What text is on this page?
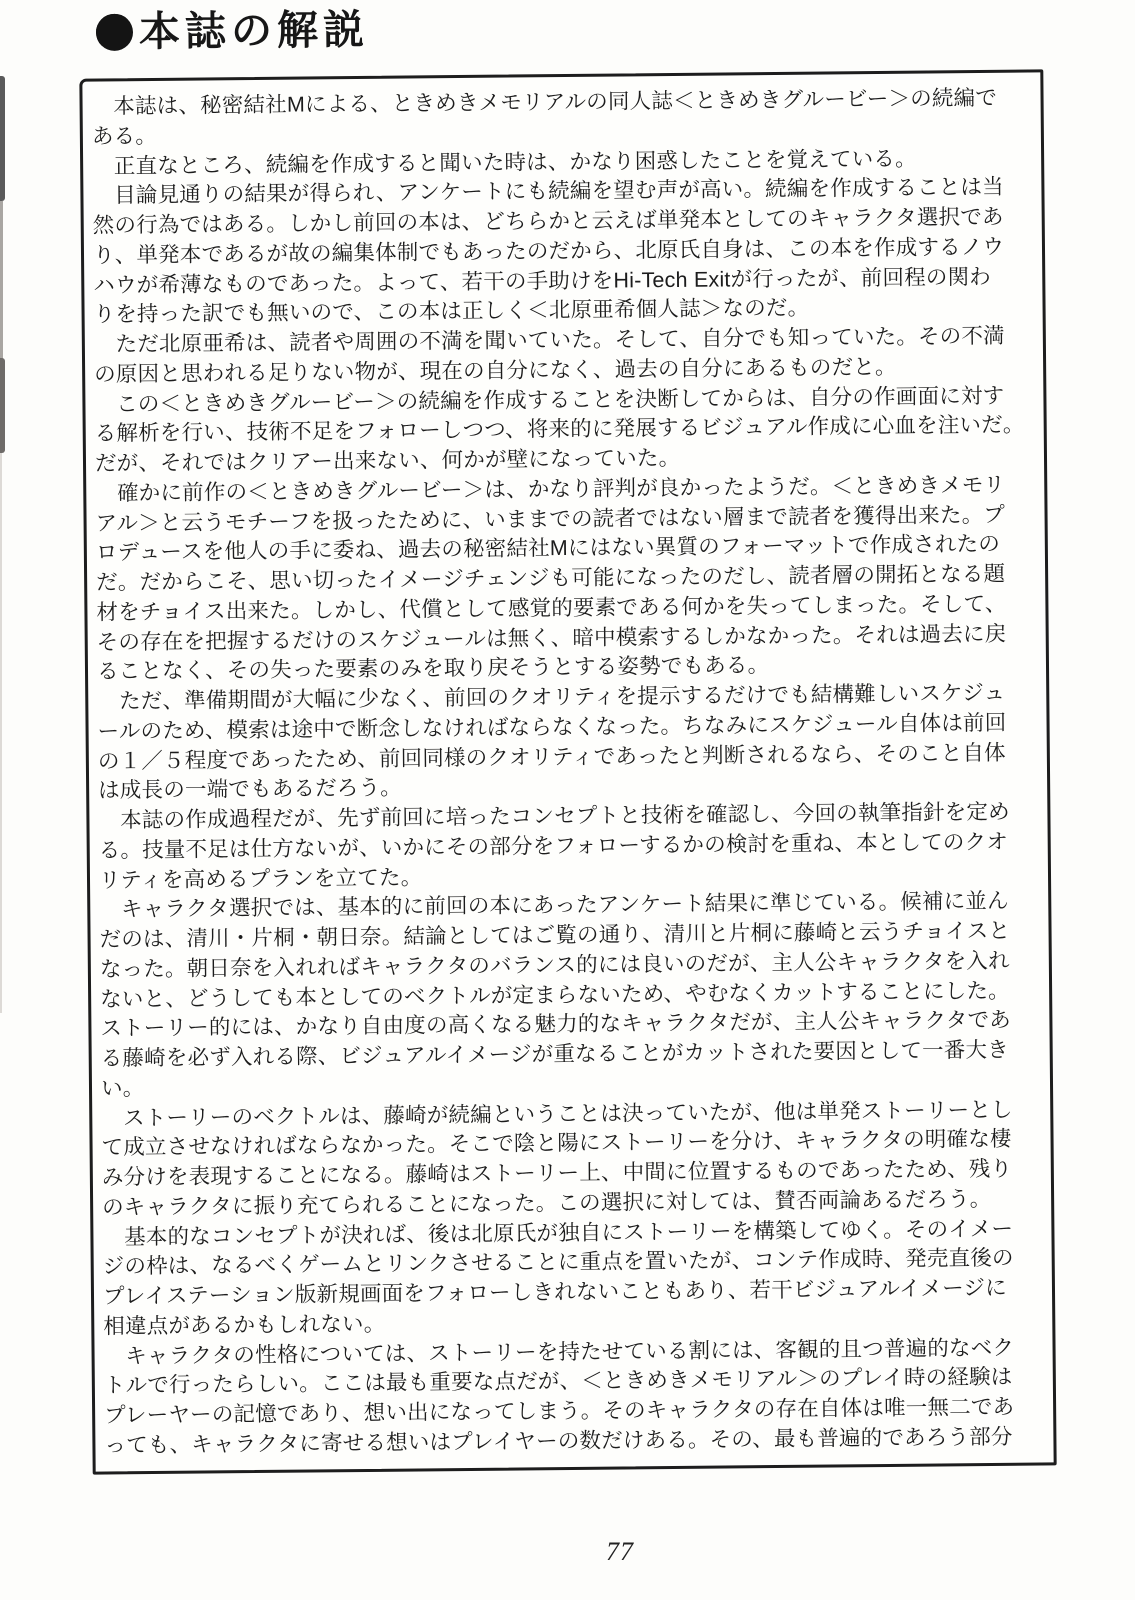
本誌の解説
　本誌は、秘密結社Mによる、ときめきメモリアルの同人誌＜ときめきグルービー＞の続編で
ある。
　正直なところ、続編を作成すると聞いた時は、かなり困惑したことを覚えている。
　目論見通りの結果が得られ、アンケートにも続編を望む声が高い。続編を作成することは当
然の行為ではある。しかし前回の本は、どちらかと云えば単発本としてのキャラクタ選択であ
り、単発本であるが故の編集体制でもあったのだから、北原氏自身は、この本を作成するノウ
ハウが希薄なものであった。よって、若干の手助けをHi-Tech Exitが行ったが、前回程の関わ
りを持った訳でも無いので、この本は正しく＜北原亜希個人誌＞なのだ。
　ただ北原亜希は、読者や周囲の不満を聞いていた。そして、自分でも知っていた。その不満
の原因と思われる足りない物が、現在の自分になく、過去の自分にあるものだと。
　この＜ときめきグルービー＞の続編を作成することを決断してからは、自分の作画面に対す
る解析を行い、技術不足をフォローしつつ、将来的に発展するビジュアル作成に心血を注いだ。
だが、それではクリアー出来ない、何かが壁になっていた。
　確かに前作の＜ときめきグルービー＞は、かなり評判が良かったようだ。＜ときめきメモリ
アル＞と云うモチーフを扱ったために、いままでの読者ではない層まで読者を獲得出来た。プ
ロデュースを他人の手に委ね、過去の秘密結社Mにはない異質のフォーマットで作成されたの
だ。だからこそ、思い切ったイメージチェンジも可能になったのだし、読者層の開拓となる題
材をチョイス出来た。しかし、代償として感覚的要素である何かを失ってしまった。そして、
その存在を把握するだけのスケジュールは無く、暗中模索するしかなかった。それは過去に戻
ることなく、その失った要素のみを取り戻そうとする姿勢でもある。
　ただ、準備期間が大幅に少なく、前回のクオリティを提示するだけでも結構難しいスケジュ
ールのため、模索は途中で断念しなければならなくなった。ちなみにスケジュール自体は前回
の１／５程度であったため、前回同様のクオリティであったと判断されるなら、そのこと自体
は成長の一端でもあるだろう。
　本誌の作成過程だが、先ず前回に培ったコンセプトと技術を確認し、今回の執筆指針を定め
る。技量不足は仕方ないが、いかにその部分をフォローするかの検討を重ね、本としてのクオ
リティを高めるプランを立てた。
　キャラクタ選択では、基本的に前回の本にあったアンケート結果に準じている。候補に並ん
だのは、清川・片桐・朝日奈。結論としてはご覧の通り、清川と片桐に藤崎と云うチョイスと
なった。朝日奈を入れればキャラクタのバランス的には良いのだが、主人公キャラクタを入れ
ないと、どうしても本としてのベクトルが定まらないため、やむなくカットすることにした。
ストーリー的には、かなり自由度の高くなる魅力的なキャラクタだが、主人公キャラクタであ
る藤崎を必ず入れる際、ビジュアルイメージが重なることがカットされた要因として一番大き
い。
　ストーリーのベクトルは、藤崎が続編ということは決っていたが、他は単発ストーリーとし
て成立させなければならなかった。そこで陰と陽にストーリーを分け、キャラクタの明確な棲
み分けを表現することになる。藤崎はストーリー上、中間に位置するものであったため、残り
のキャラクタに振り充てられることになった。この選択に対しては、賛否両論あるだろう。
　基本的なコンセプトが決れば、後は北原氏が独自にストーリーを構築してゆく。そのイメー
ジの枠は、なるべくゲームとリンクさせることに重点を置いたが、コンテ作成時、発売直後の
プレイステーション版新規画面をフォローしきれないこともあり、若干ビジュアルイメージに
相違点があるかもしれない。
　キャラクタの性格については、ストーリーを持たせている割には、客観的且つ普遍的なベク
トルで行ったらしい。ここは最も重要な点だが、＜ときめきメモリアル＞のプレイ時の経験は
プレーヤーの記憶であり、想い出になってしまう。そのキャラクタの存在自体は唯一無二であ
っても、キャラクタに寄せる想いはプレイヤーの数だけある。その、最も普遍的であろう部分
77
